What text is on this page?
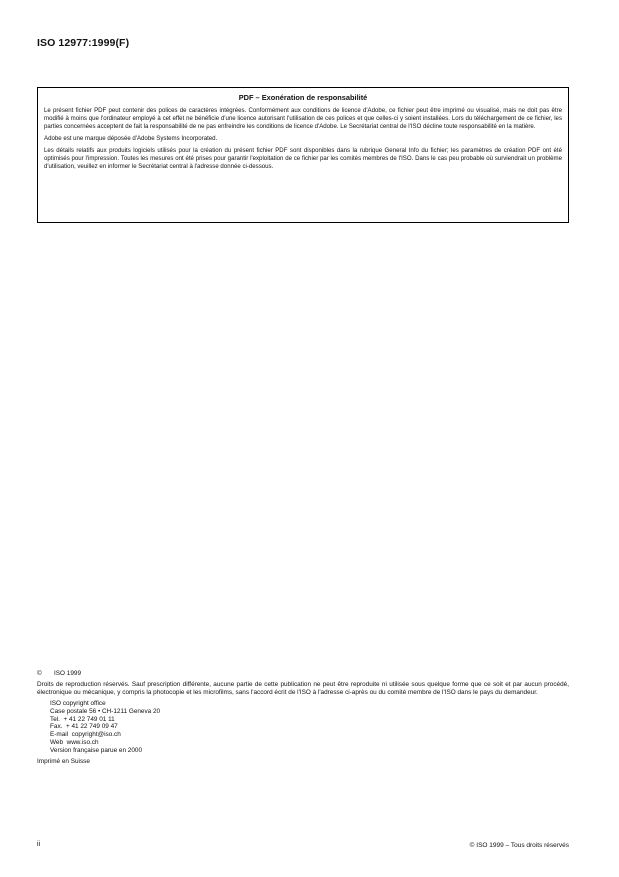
ISO 12977:1999(F)
PDF – Exonération de responsabilité

Le présent fichier PDF peut contenir des polices de caractères intégrées. Conformément aux conditions de licence d'Adobe, ce fichier peut être imprimé ou visualisé, mais ne doit pas être modifié à moins que l'ordinateur employé à cet effet ne bénéficie d'une licence autorisant l'utilisation de ces polices et que celles-ci y soient installées. Lors du téléchargement de ce fichier, les parties concernées acceptent de fait la responsabilité de ne pas enfreindre les conditions de licence d'Adobe. Le Secrétariat central de l'ISO décline toute responsabilité en la matière.

Adobe est une marque déposée d'Adobe Systems Incorporated.

Les détails relatifs aux produits logiciels utilisés pour la création du présent fichier PDF sont disponibles dans la rubrique General Info du fichier; les paramètres de création PDF ont été optimisés pour l'impression. Toutes les mesures ont été prises pour garantir l'exploitation de ce fichier par les comités membres de l'ISO. Dans le cas peu probable où surviendrait un problème d'utilisation, veuillez en informer le Secrétariat central à l'adresse donnée ci-dessous.

© ISO 1999
Droits de reproduction réservés. Sauf prescription différente, aucune partie de cette publication ne peut être reproduite ni utilisée sous quelque forme que ce soit et par aucun procédé, électronique ou mécanique, y compris la photocopie et les microfilms, sans l'accord écrit de l'ISO à l'adresse ci-après ou du comité membre de l'ISO dans le pays du demandeur.
ISO copyright office
Case postale 56 • CH-1211 Geneva 20
Tel.  + 41 22 749 01 11
Fax.  + 41 22 749 09 47
E-mail  copyright@iso.ch
Web  www.iso.ch
Version française parue en 2000
Imprimé en Suisse
ii	© ISO 1999 – Tous droits réservés
